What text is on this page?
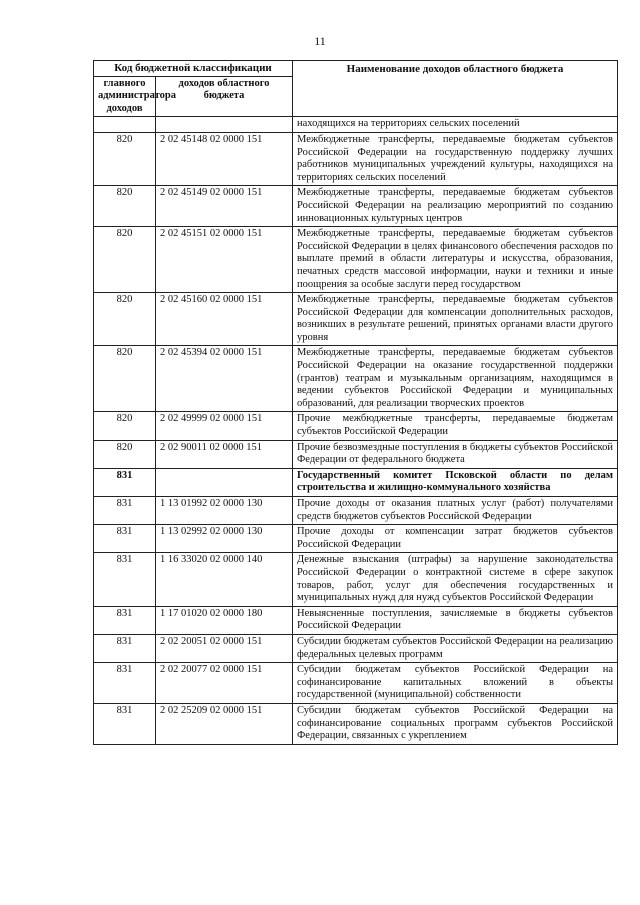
11
Код бюджетной классификации		Наименование доходов областного бюджета
главного администратора доходов	доходов областного бюджета	
		находящихся на территориях сельских поселений
820	2 02 45148 02 0000 151	Межбюджетные трансферты, передаваемые бюджетам субъектов Российской Федерации на государственную поддержку лучших работников муниципальных учреждений культуры, находящихся на территориях сельских поселений
820	2 02 45149 02 0000 151	Межбюджетные трансферты, передаваемые бюджетам субъектов Российской Федерации на реализацию мероприятий по созданию инновационных культурных центров
820	2 02 45151 02 0000 151	Межбюджетные трансферты, передаваемые бюджетам субъектов Российской Федерации в целях финансового обеспечения расходов по выплате премий в области литературы и искусства, образования, печатных средств массовой информации, науки и техники и иные поощрения за особые заслуги перед государством
820	2 02 45160 02 0000 151	Межбюджетные трансферты, передаваемые бюджетам субъектов Российской Федерации для компенсации дополнительных расходов, возникших в результате решений, принятых органами власти другого уровня
820	2 02 45394 02 0000 151	Межбюджетные трансферты, передаваемые бюджетам субъектов Российской Федерации на оказание государственной поддержки (грантов) театрам и музыкальным организациям, находящимся в ведении субъектов Российской Федерации и муниципальных образований, для реализации творческих проектов
820	2 02 49999 02 0000 151	Прочие межбюджетные трансферты, передаваемые бюджетам субъектов Российской Федерации
820	2 02 90011 02 0000 151	Прочие безвозмездные поступления в бюджеты субъектов Российской Федерации от федерального бюджета
831		Государственный комитет Псковской области по делам строительства и жилищно-коммунального хозяйства
831	1 13 01992 02 0000 130	Прочие доходы от оказания платных услуг (работ) получателями средств бюджетов субъектов Российской Федерации
831	1 13 02992 02 0000 130	Прочие доходы от компенсации затрат бюджетов субъектов Российской Федерации
831	1 16 33020 02 0000 140	Денежные взыскания (штрафы) за нарушение законодательства Российской Федерации о контрактной системе в сфере закупок товаров, работ, услуг для обеспечения государственных и муниципальных нужд для нужд субъектов Российской Федерации
831	1 17 01020 02 0000 180	Невыясненные поступления, зачисляемые в бюджеты субъектов Российской Федерации
831	2 02 20051 02 0000 151	Субсидии бюджетам субъектов Российской Федерации на реализацию федеральных целевых программ
831	2 02 20077 02 0000 151	Субсидии бюджетам субъектов Российской Федерации на софинансирование капитальных вложений в объекты государственной (муниципальной) собственности
831	2 02 25209 02 0000 151	Субсидии бюджетам субъектов Российской Федерации на софинансирование социальных программ субъектов Российской Федерации, связанных с укреплением
